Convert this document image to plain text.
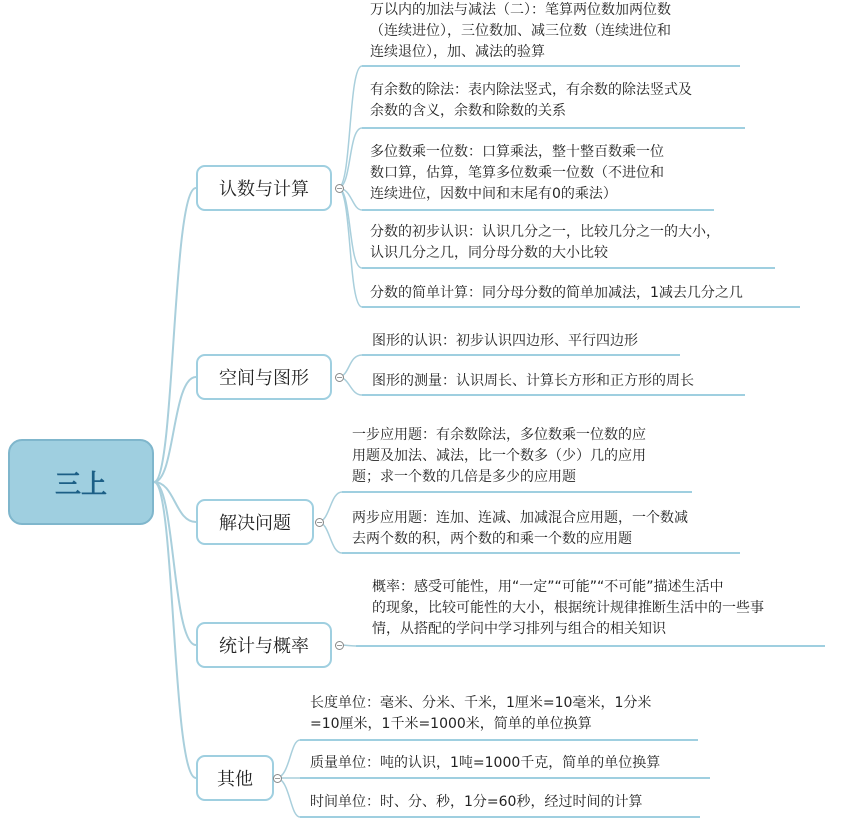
三上
认数与计算	−
万以内的加法与减法（二）：笔算两位数加两位数
（连续进位），三位数加、减三位数（连续进位和
连续退位），加、减法的验算
有余数的除法：表内除法竖式，有余数的除法竖式及
余数的含义，余数和除数的关系
多位数乘一位数：口算乘法，整十整百数乘一位
数口算，估算，笔算多位数乘一位数（不进位和
连续进位，因数中间和末尾有0的乘法）
分数的初步认识：认识几分之一，比较几分之一的大小，
认识几分之几，同分母分数的大小比较
分数的简单计算：同分母分数的简单加减法，1减去几分之几
空间与图形	−
图形的认识：初步认识四边形、平行四边形
图形的测量：认识周长、计算长方形和正方形的周长
解决问题	−
一步应用题：有余数除法，多位数乘一位数的应
用题及加法、减法，比一个数多（少）几的应用
题；求一个数的几倍是多少的应用题
两步应用题：连加、连减、加减混合应用题，一个数减
去两个数的积，两个数的和乘一个数的应用题
统计与概率	−
概率：感受可能性，用“一定”“可能”“不可能”描述生活中
的现象，比较可能性的大小，根据统计规律推断生活中的一些事
情，从搭配的学问中学习排列与组合的相关知识
其他	−
长度单位：毫米、分米、千米，1厘米=10毫米，1分米
=10厘米，1千米=1000米，简单的单位换算
质量单位：吨的认识，1吨=1000千克，简单的单位换算
时间单位：时、分、秒，1分=60秒，经过时间的计算
